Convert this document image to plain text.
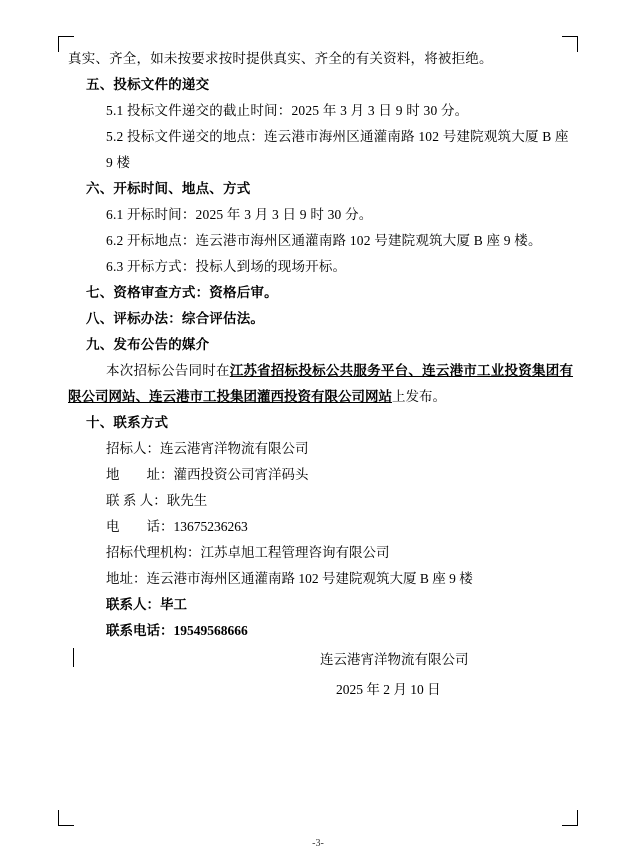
真实、齐全，如未按要求按时提供真实、齐全的有关资料，将被拒绝。
五、投标文件的递交
5.1 投标文件递交的截止时间：2025 年 3 月 3 日 9 时 30 分。
5.2 投标文件递交的地点：连云港市海州区通灌南路 102 号建院观筑大厦 B 座 9 楼
六、开标时间、地点、方式
6.1 开标时间：2025 年 3 月 3 日 9 时 30 分。
6.2 开标地点：连云港市海州区通灌南路 102 号建院观筑大厦 B 座 9 楼。
6.3 开标方式：投标人到场的现场开标。
七、资格审查方式：资格后审。
八、评标办法：综合评估法。
九、发布公告的媒介
本次招标公告同时在江苏省招标投标公共服务平台、连云港市工业投资集团有限公司网站、连云港市工投集团灌西投资有限公司网站上发布。
十、联系方式
招标人：连云港宵洋物流有限公司
地　　址：灌西投资公司宵洋码头
联 系 人：耿先生
电　　话：13675236263
招标代理机构：江苏卓旭工程管理咨询有限公司
地址：连云港市海州区通灌南路 102 号建院观筑大厦 B 座 9 楼
联系人：毕工
联系电话：19549568666
连云港宵洋物流有限公司
2025 年 2 月 10 日
-3-
